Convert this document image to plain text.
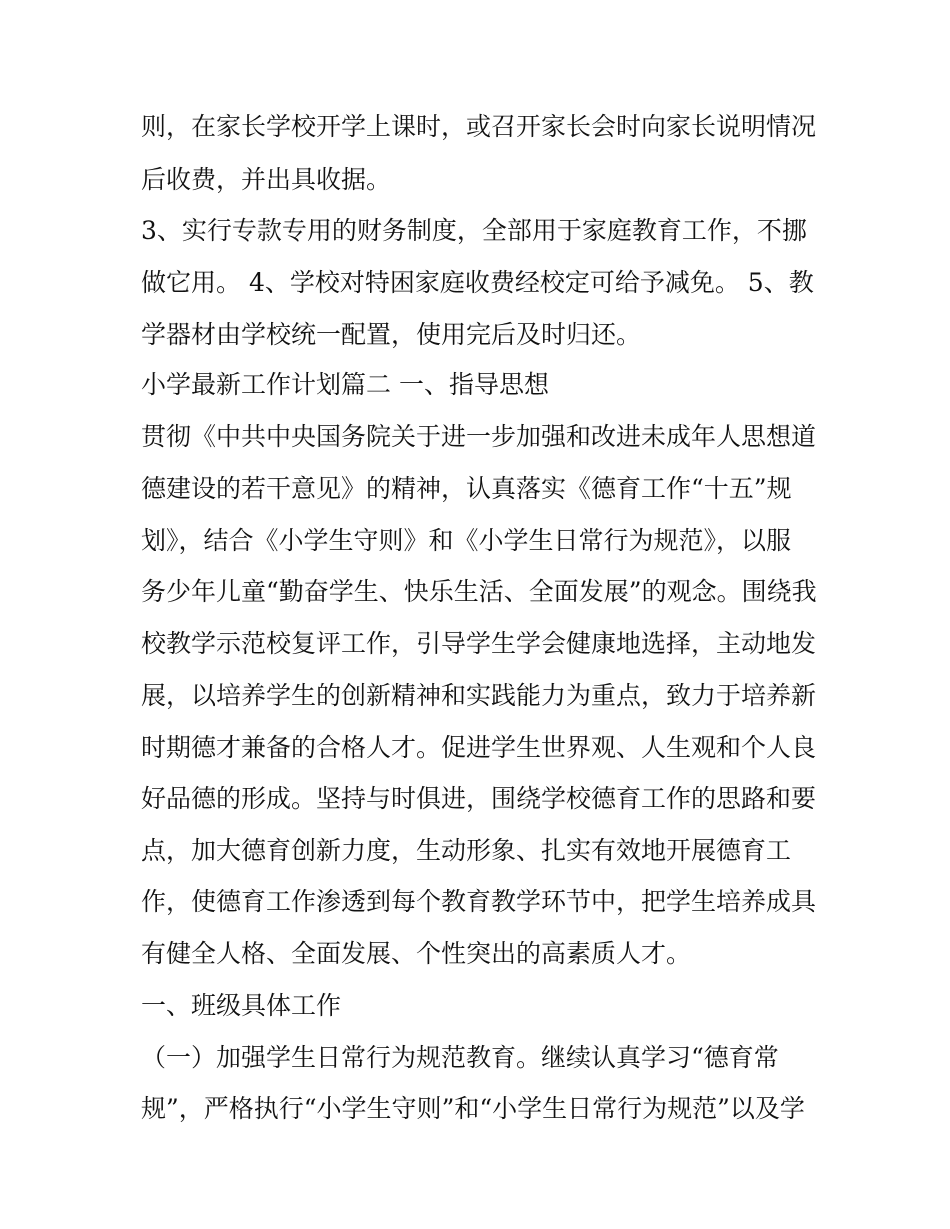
则，在家长学校开学上课时，或召开家长会时向家长说明情况

后收费，并出具收据。

3、实行专款专用的财务制度，全部用于家庭教育工作，不挪

做它用。 4、学校对特困家庭收费经校定可给予减免。 5、教

学器材由学校统一配置，使用完后及时归还。

小学最新工作计划篇二 一、指导思想

贯彻《中共中央国务院关于进一步加强和改进未成年人思想道

德建设的若干意见》的精神，认真落实《德育工作“十五”规

划》，结合《小学生守则》和《小学生日常行为规范》，以服

务少年儿童“勤奋学生、快乐生活、全面发展”的观念。围绕我

校教学示范校复评工作，引导学生学会健康地选择，主动地发

展，以培养学生的创新精神和实践能力为重点，致力于培养新

时期德才兼备的合格人才。促进学生世界观、人生观和个人良

好品德的形成。坚持与时俱进，围绕学校德育工作的思路和要

点，加大德育创新力度，生动形象、扎实有效地开展德育工

作，使德育工作渗透到每个教育教学环节中，把学生培养成具

有健全人格、全面发展、个性突出的高素质人才。

一、班级具体工作

（一）加强学生日常行为规范教育。继续认真学习“德育常

规”，严格执行“小学生守则”和“小学生日常行为规范”以及学
